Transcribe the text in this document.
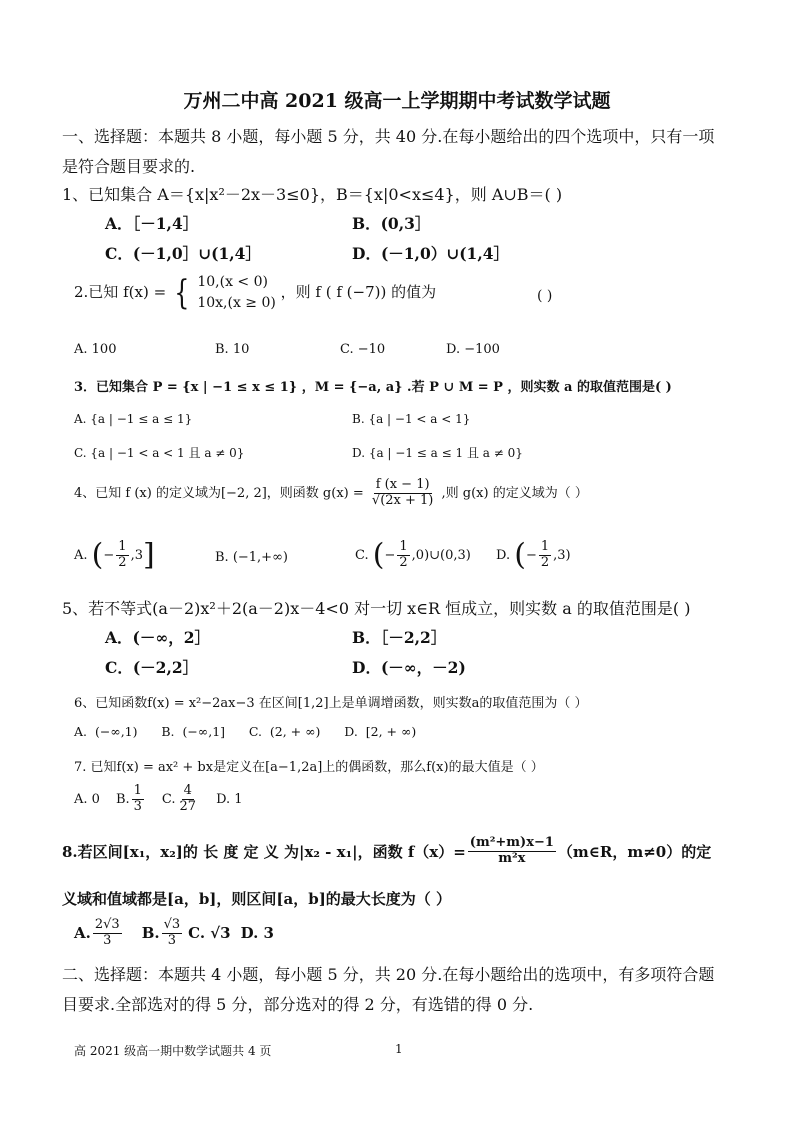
万州二中高 2021 级高一上学期期中考试数学试题
一、选择题：本题共 8 小题，每小题 5 分，共 40 分.在每小题给出的四个选项中，只有一项
是符合题目要求的.
1、已知集合 A＝{x|x²－2x－3≤0}，B＝{x|0<x≤4}，则 A∪B＝( )
A．［－1,4］	B．(0,3］
C．(－1,0］∪(1,4］	D．(－1,0）∪(1,4］
2.已知 f(x) = { 10,(x < 0)
10x,(x ≥ 0)
，则 f ( f (−7)) 的值为	( )
A. 100	B. 10	C. −10	D. −100
3．已知集合 P = {x | −1 ≤ x ≤ 1} ，M = {−a, a} .若 P ∪ M = P ，则实数 a 的取值范围是( )
A. {a | −1 ≤ a ≤ 1}	B. {a | −1 < a < 1}
C. {a | −1 < a < 1 且 a ≠ 0}	D. {a | −1 ≤ a ≤ 1 且 a ≠ 0}
4、已知 f (x) 的定义域为[−2, 2]，则函数 $g(x) = \frac{f (x - 1)}{√(2x + 1)}$ ,则 g(x) 的定义域为（ ）
A. (− $\frac{1}{2} ,3$]	B. (−1,+∞)	C. (− $\frac{1}{2}$ ,0)∪(0,3) D. (− $\frac{1}{2} ,3$)
5、若不等式(a－2)x²＋2(a－2)x－4<0 对一切 x∈R 恒成立，则实数 a 的取值范围是( )
A．(－∞，2］	B．［－2,2］
C．(－2,2］	D．(－∞，－2)
6、已知函数f(x) = x²−2ax−3 在区间[1,2]上是单调增函数，则实数a的取值范围为（ ）
A.  (−∞,1)      B.  (−∞,1]      C.  (2, + ∞)      D.  [2, + ∞)
7. 已知f(x) = ax² + bx是定义在[a−1,2a]上的偶函数，那么f(x)的最大值是（ ）
A. 0 B. $\frac{1}{3} C$. $\frac{4}{27} D$. 1
8.若区间[x₁，x₂]的 长 度 定 义 为|x₂ - x₁|，函数 $f(x)= \frac{\text{(m²+m)x−1}}{\text{m²x}}$ （m∈R，m≠0）的定
义域和值域都是[a，b]，则区间[a，b]的最大长度为（ ）
A. $\frac{2√3}{3} B$. $\frac{√3}{3} C$. √3 D. 3
二、选择题：本题共 4 小题，每小题 5 分，共 20 分.在每小题给出的选项中，有多项符合题
目要求.全部选对的得 5 分，部分选对的得 2 分，有选错的得 0 分.
高 2021 级高一期中数学试题共 4 页	1
